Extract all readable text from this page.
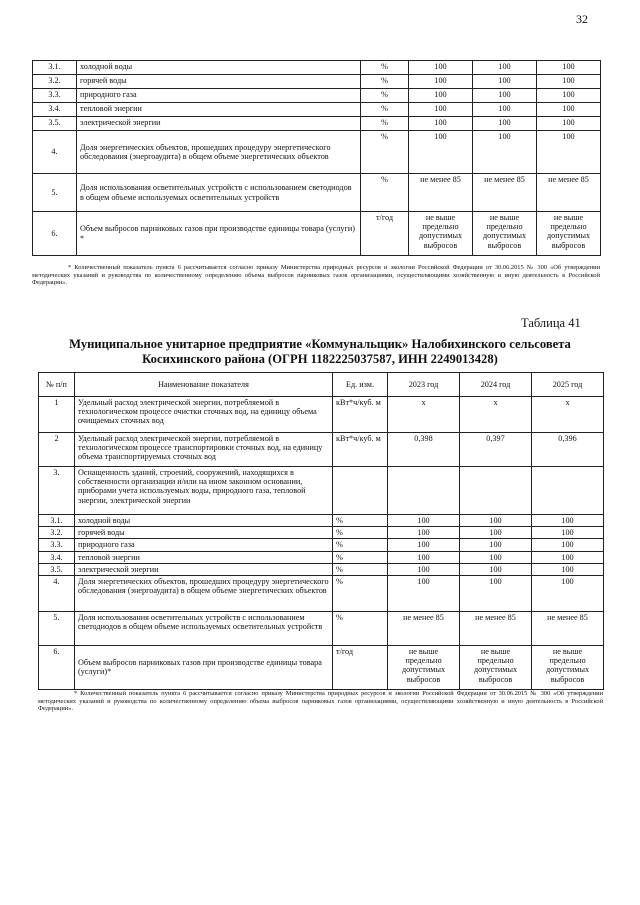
32
3.1.	холодной воды	%	100	100	100
3.2.	горячей воды	%	100	100	100
3.3.	природного газа	%	100	100	100
3.4.	тепловой энергии	%	100	100	100
3.5.	электрической энергии	%	100	100	100
4.	Доля энергетических объектов, прошедших процедуру энергетического обследования (энергоаудита) в общем объеме энергетических объектов	%	100	100	100
5.	Доля использования осветительных устройств с использованием светодиодов в общем объеме используемых осветительных устройств	%	не менее 85	не менее 85	не менее 85
6.	Объем выбросов парниковых газов при производстве единицы товара (услуги) *	т/год	не выше предельно допустимых выбросов	не выше предельно допустимых выбросов	не выше предельно допустимых выбросов
* Количественный показатель пункта 6 рассчитывается согласно приказу Министерства природных ресурсов и экологии Российской Федерации от 30.06.2015 № 300 «Об утверждении методических указаний и руководства по количественному определению объема выбросов парниковых газов организациями, осуществляющими хозяйственную и иную деятельность в Российской Федерации».
Таблица 41
Муниципальное унитарное предприятие «Коммунальщик» Налобихинского сельсовета
Косихинского района (ОГРН 1182225037587, ИНН 2249013428)
№ п/п	Наименование показателя	Ед. изм.	2023 год	2024 год	2025 год
1	Удельный расход электрической энергии, потребляемой в технологическом процессе очистки сточных вод, на единицу объема очищаемых сточных вод	кВт*ч/куб. м	х	х	х
2	Удельный расход электрической энергии, потребляемой в технологическом процессе транспортировки сточных вод, на единицу объема транспортируемых сточных вод	кВт*ч/куб. м	0,398	0,397	0,396
3.	Оснащенность зданий, строений, сооружений, находящихся в собственности организации и/или на ином законном основании, приборами учета используемых воды, природного газа, тепловой энергии, электрической энергии				
3.1.	холодной воды	%	100	100	100
3.2.	горячей воды	%	100	100	100
3.3.	природного газа	%	100	100	100
3.4.	тепловой энергии	%	100	100	100
3.5.	электрической энергии	%	100	100	100
4.	Доля энергетических объектов, прошедших процедуру энергетического обследования (энергоаудита) в общем объеме энергетических объектов	%	100	100	100
5.	Доля использования осветительных устройств с использованием светодиодов в общем объеме используемых осветительных устройств	%	не менее 85	не менее 85	не менее 85
6.	Объем выбросов парниковых газов при производстве единицы товара (услуги)*	т/год	не выше предельно допустимых выбросов	не выше предельно допустимых выбросов	не выше предельно допустимых выбросов
* Количественный показатель пункта 6 рассчитывается согласно приказу Министерства природных ресурсов и экологии Российской Федерации от 30.06.2015 № 300 «Об утверждении методических указаний и руководства по количественному определению объема выбросов парниковых газов организациями, осуществляющими хозяйственную и иную деятельность в Российской Федерации».
